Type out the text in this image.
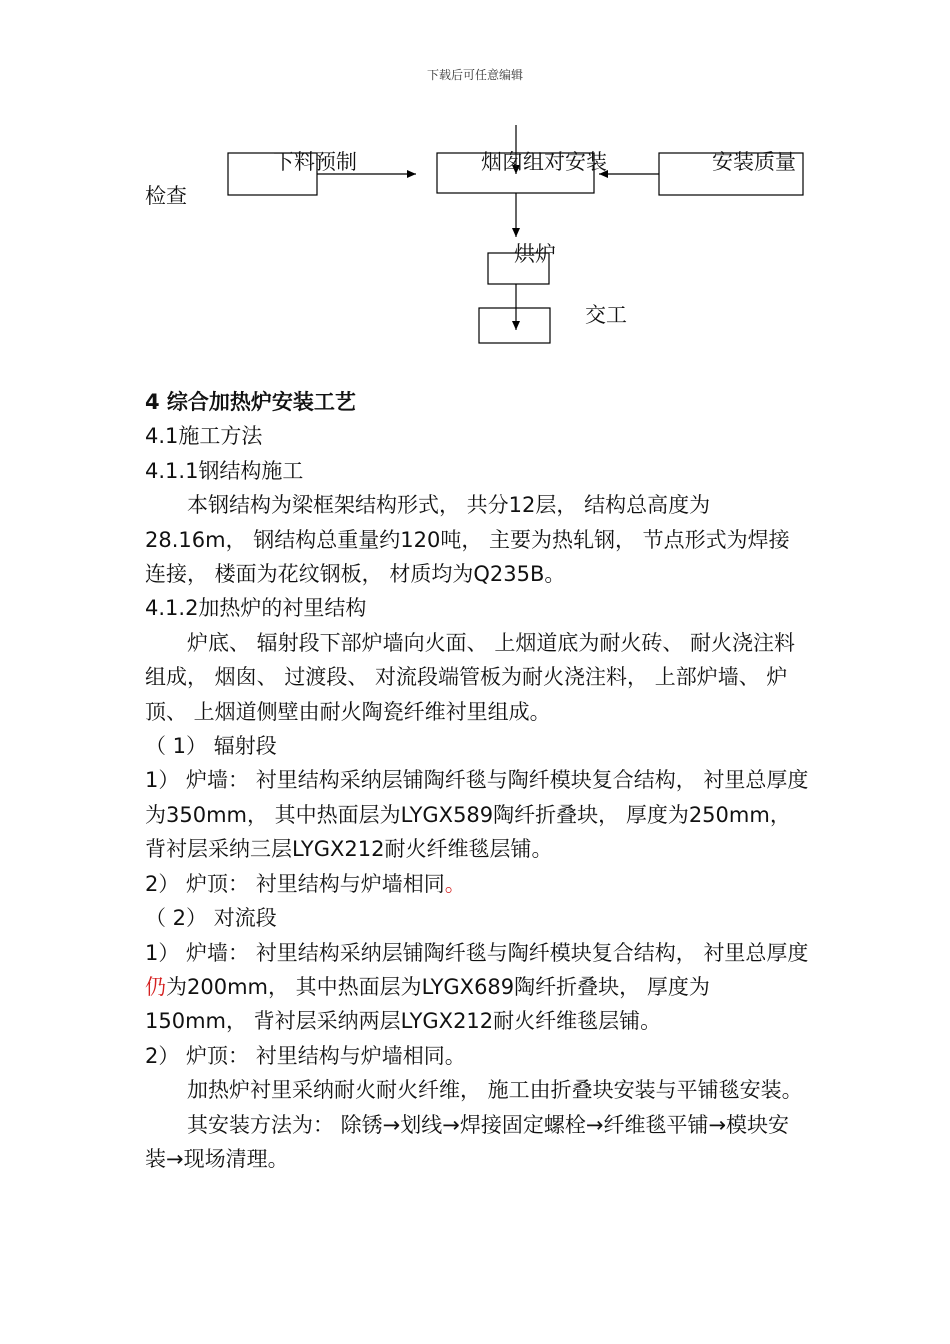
下载后可任意编辑
下料预制	烟囱组对安装	安装质量
检查
烘炉
交工

4 综合加热炉安装工艺

4.1施工方法

4.1.1钢结构施工

本钢结构为梁框架结构形式， 共分12层， 结构总高度为28.16m， 钢结构总重量约120吨， 主要为热轧钢， 节点形式为焊接连接， 楼面为花纹钢板， 材质均为Q235B。

4.1.2加热炉的衬里结构

炉底、 辐射段下部炉墙向火面、 上烟道底为耐火砖、 耐火浇注料组成， 烟囱、 过渡段、 对流段端管板为耐火浇注料， 上部炉墙、 炉顶、 上烟道侧壁由耐火陶瓷纤维衬里组成。

（ 1） 辐射段

1） 炉墙： 衬里结构采纳层铺陶纤毯与陶纤模块复合结构， 衬里总厚度为350mm， 其中热面层为LYGX589陶纤折叠块， 厚度为250mm， 背衬层采纳三层LYGX212耐火纤维毯层铺。

2） 炉顶： 衬里结构与炉墙相同。

（ 2） 对流段

1） 炉墙： 衬里结构采纳层铺陶纤毯与陶纤模块复合结构， 衬里总厚度仍为200mm， 其中热面层为LYGX689陶纤折叠块， 厚度为150mm， 背衬层采纳两层LYGX212耐火纤维毯层铺。

2） 炉顶： 衬里结构与炉墙相同。

加热炉衬里采纳耐火耐火纤维， 施工由折叠块安装与平铺毯安装。

其安装方法为： 除锈→划线→焊接固定螺栓→纤维毯平铺→模块安装→现场清理。
